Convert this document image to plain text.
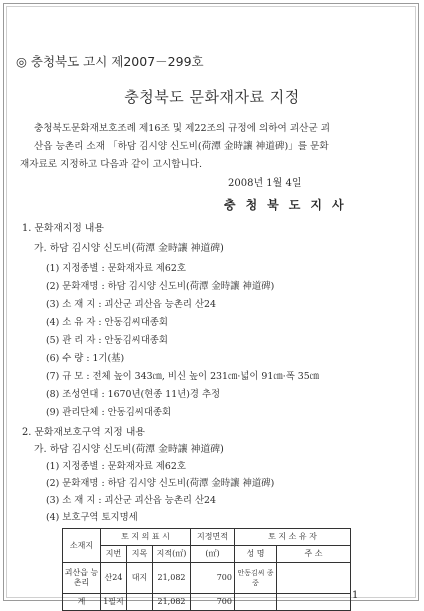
◎ 충청북도 고시 제2007－299호
충청북도 문화재자료 지정
충청북도문화재보호조례 제16조 및 제22조의 규정에 의하여 괴산군 괴
산읍 능촌리 소재 「하담 김시양 신도비(荷潭 金時讓 神道碑)」를 문화
재자료로 지정하고 다음과 같이 고시합니다.
2008년 1월 4일
충청북도지사
1. 문화재지정 내용
가. 하담 김시양 신도비(荷潭 金時讓 神道碑)
(1) 지정종별 : 문화재자료 제62호
(2) 문화재명 : 하담 김시양 신도비(荷潭 金時讓 神道碑)
(3) 소 재 지 : 괴산군 괴산읍 능촌리 산24
(4) 소 유 자 : 안동김씨대종회
(5) 관 리 자 : 안동김씨대종회
(6) 수 량 : 1기(基)
(7) 규 모 : 전체 높이 343㎝, 비신 높이 231㎝·넓이 91㎝·폭 35㎝
(8) 조성연대 : 1670년(현종 11년)경 추정
(9) 관리단체 : 안동김씨대종회
2. 문화재보호구역 지정 내용
가. 하담 김시양 신도비(荷潭 金時讓 神道碑)
(1) 지정종별 : 문화재자료 제62호
(2) 문화재명 : 하담 김시양 신도비(荷潭 金時讓 神道碑)
(3) 소 재 지 : 괴산군 괴산읍 능촌리 산24
(4) 보호구역 토지명세
소재지	토 지 의 표 시			지정면적	토 지 소 유 자	
	지번	지목	지적(㎡)	(㎡)	성 명	주 소
괴산읍 능촌리	산24	대지	21,082	700	안동김씨 종중	
계	1필지		21,082	700		
1
